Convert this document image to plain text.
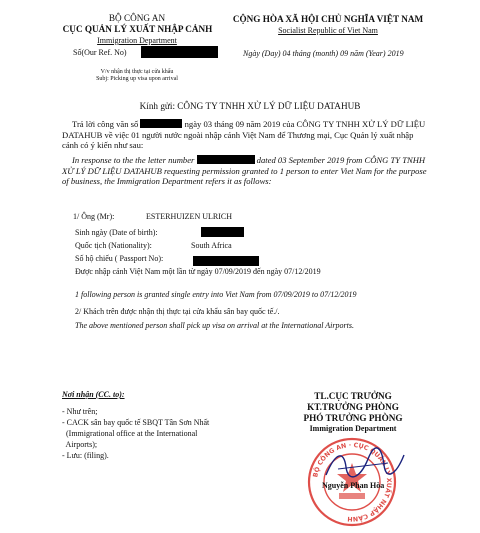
BỘ CÔNG AN
CỤC QUẢN LÝ XUẤT NHẬP CẢNH
Immigration Department
Số(Our Ref. No)
V/v nhận thị thực tại cửa khẩu
Subj: Picking up visa upon arrival
CỘNG HÒA XÃ HỘI CHỦ NGHĨA VIỆT NAM
Socialist Republic of Viet Nam
Ngày (Day) 04 tháng (month) 09 năm (Year) 2019
Kính gửi: CÔNG TY TNHH XỬ LÝ DỮ LIỆU DATAHUB
Trả lời công văn số	ngày 03 tháng 09 năm 2019 của CÔNG TY TNHH XỬ LÝ DỮ LIỆU DATAHUB về việc 01 người nước ngoài nhập cảnh Việt Nam để Thương mại, Cục Quản lý xuất nhập cảnh có ý kiến như sau:
In response to the the letter number	dated 03 September 2019 from CÔNG TY TNHH XỬ LÝ DỮ LIỆU DATAHUB requesting permission granted to 1 person to enter Viet Nam for the purpose of business, the Immigration Department refers it as follows:
1/ Ông (Mr):	ESTERHUIZEN ULRICH
Sinh ngày (Date of birth):
Quốc tịch (Nationality):	South Africa
Số hộ chiếu ( Passport No):
Được nhập cảnh Việt Nam một lần từ ngày 07/09/2019 đến ngày 07/12/2019
1 following person is granted single entry into Viet Nam from 07/09/2019 to 07/12/2019
2/ Khách trên được nhận thị thực tại cửa khẩu sân bay quốc tế./.
The above mentioned person shall pick up visa on arrival at the International Airports.
Nơi nhận (CC. to):
- Như trên;
- CACK sân bay quốc tế SBQT Tân Sơn Nhất
(Immigrational office at the International
Airports);
- Lưu: (filing).
TL.CỤC TRƯỞNG
KT.TRƯỞNG PHÒNG
PHÓ TRƯỞNG PHÒNG
Immigration Department
BỘ CÔNG AN · CỤC QUẢN LÝ XUẤT NHẬP CẢNH
Nguyễn Phan Hòa
